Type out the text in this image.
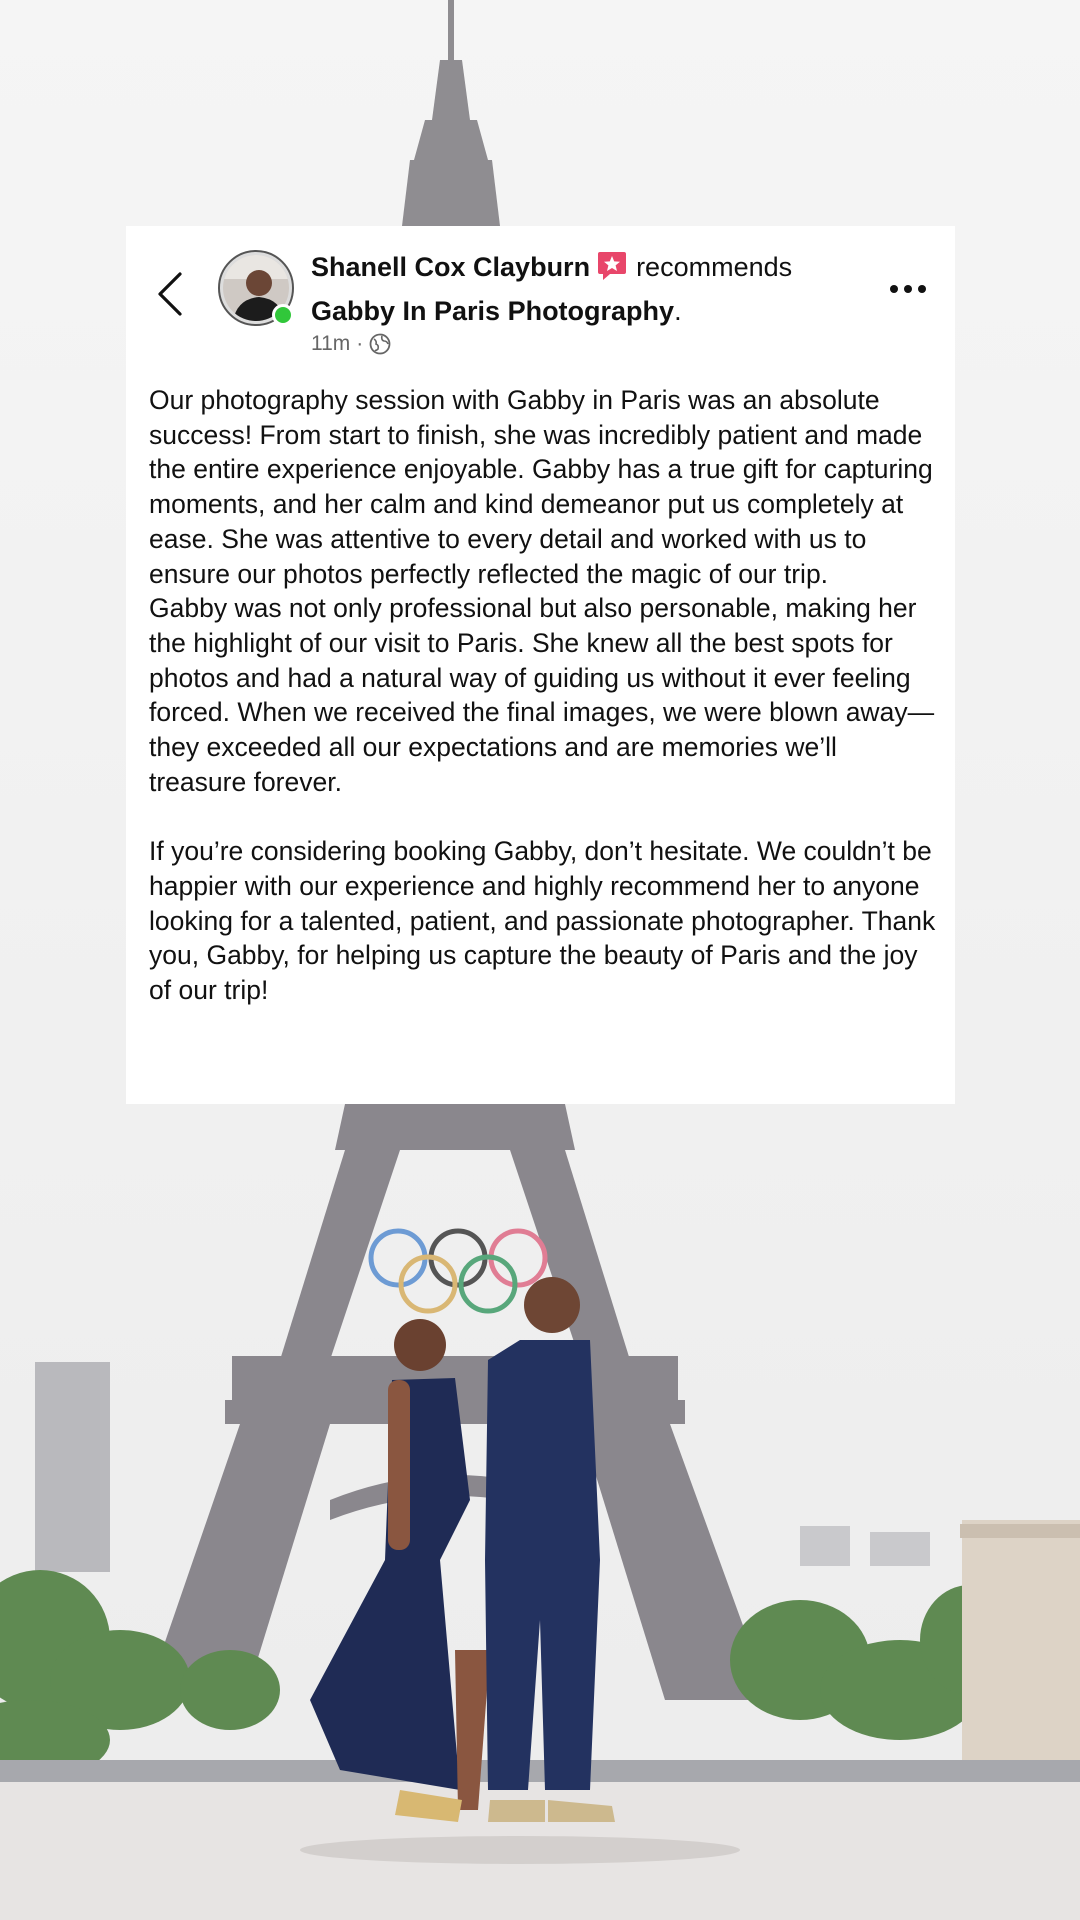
Shanell Cox Clayburn recommends
Gabby In Paris Photography.
11m ·

Our photography session with Gabby in Paris was an absolute success! From start to finish, she was incredibly patient and made the entire experience enjoyable. Gabby has a true gift for capturing moments, and her calm and kind demeanor put us completely at ease. She was attentive to every detail and worked with us to ensure our photos perfectly reflected the magic of our trip.

Gabby was not only professional but also personable, making her the highlight of our visit to Paris. She knew all the best spots for photos and had a natural way of guiding us without it ever feeling forced. When we received the final images, we were blown away—they exceeded all our expectations and are memories we’ll treasure forever.

If you’re considering booking Gabby, don’t hesitate. We couldn’t be happier with our experience and highly recommend her to anyone looking for a talented, patient, and passionate photographer. Thank you, Gabby, for helping us capture the beauty of Paris and the joy of our trip!
